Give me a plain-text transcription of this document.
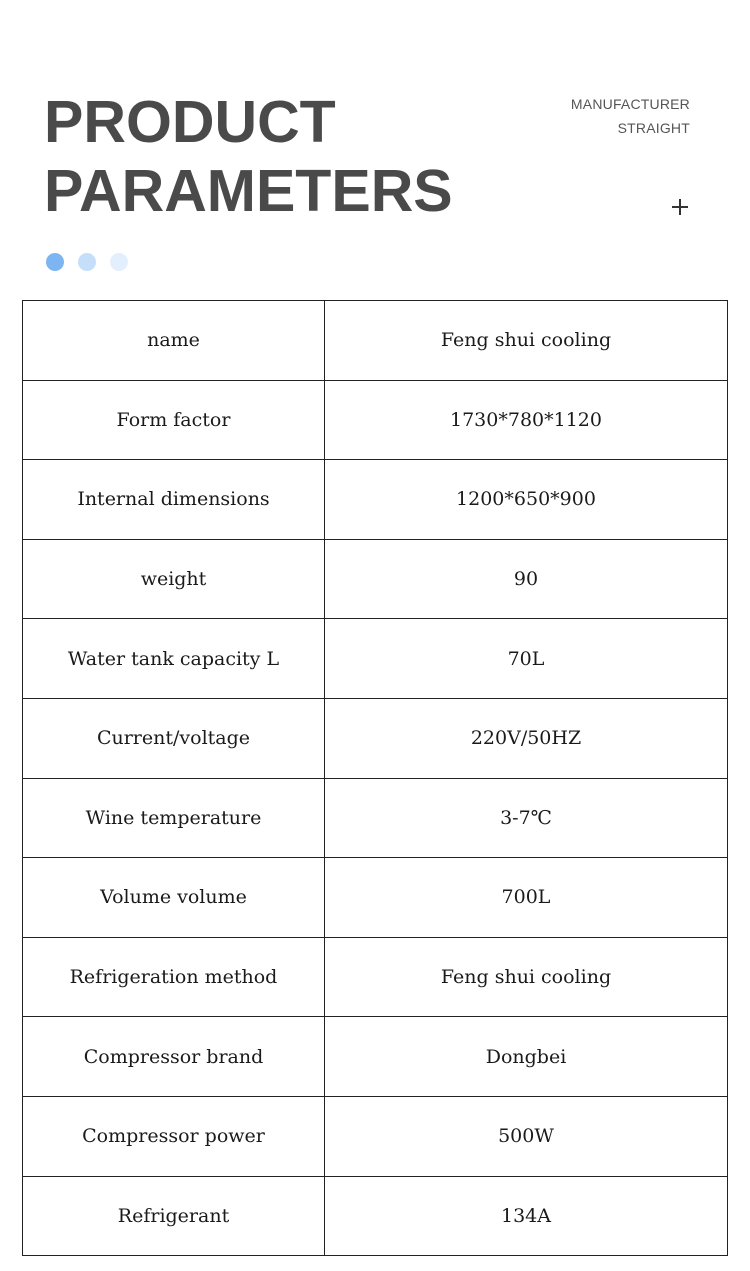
PRODUCT
PARAMETERS
MANUFACTURER
STRAIGHT
name	Feng shui cooling
Form factor	1730*780*1120
Internal dimensions	1200*650*900
weight	90
Water tank capacity L	70L
Current/voltage	220V/50HZ
Wine temperature	3-7℃
Volume volume	700L
Refrigeration method	Feng shui cooling
Compressor brand	Dongbei
Compressor power	500W
Refrigerant	134A
